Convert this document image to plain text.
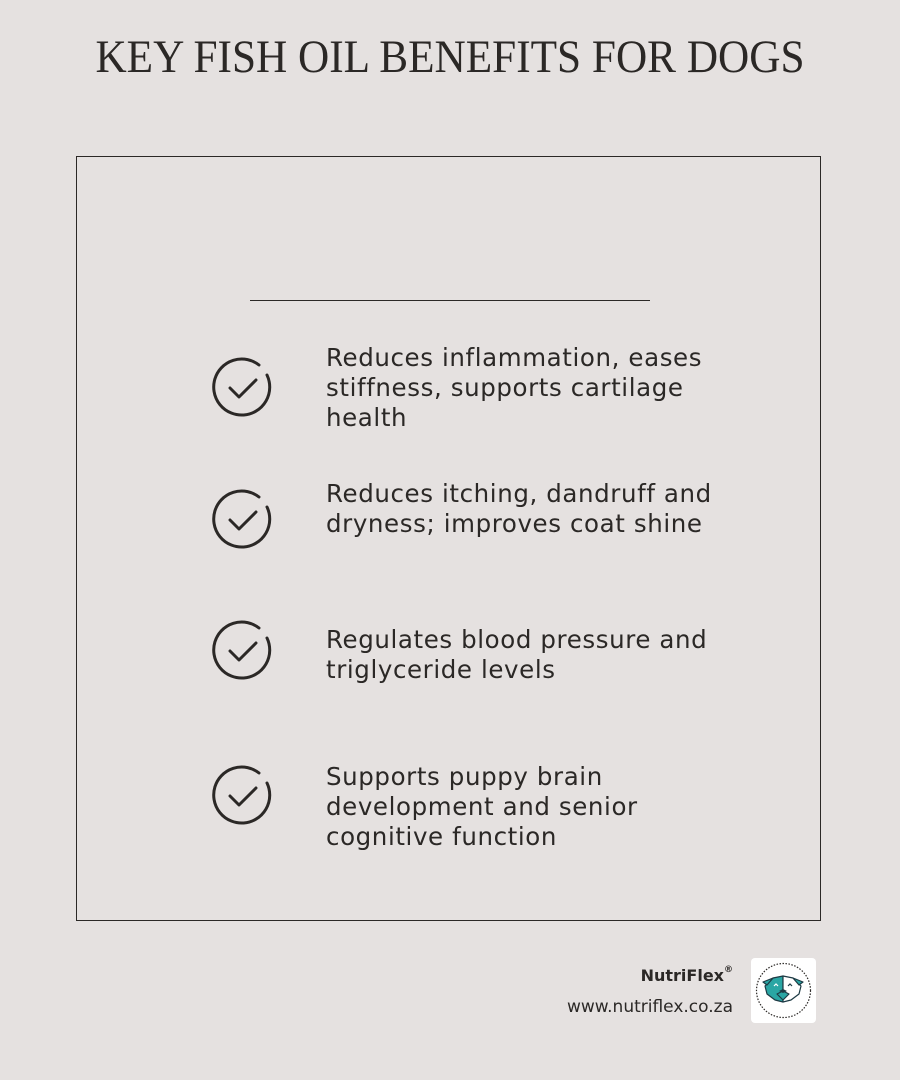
KEY FISH OIL BENEFITS FOR DOGS
Reduces inflammation, eases stiffness, supports cartilage health
Reduces itching, dandruff and dryness; improves coat shine
Regulates blood pressure and triglyceride levels
Supports puppy brain development and senior cognitive function
NutriFlex®
www.nutriflex.co.za
